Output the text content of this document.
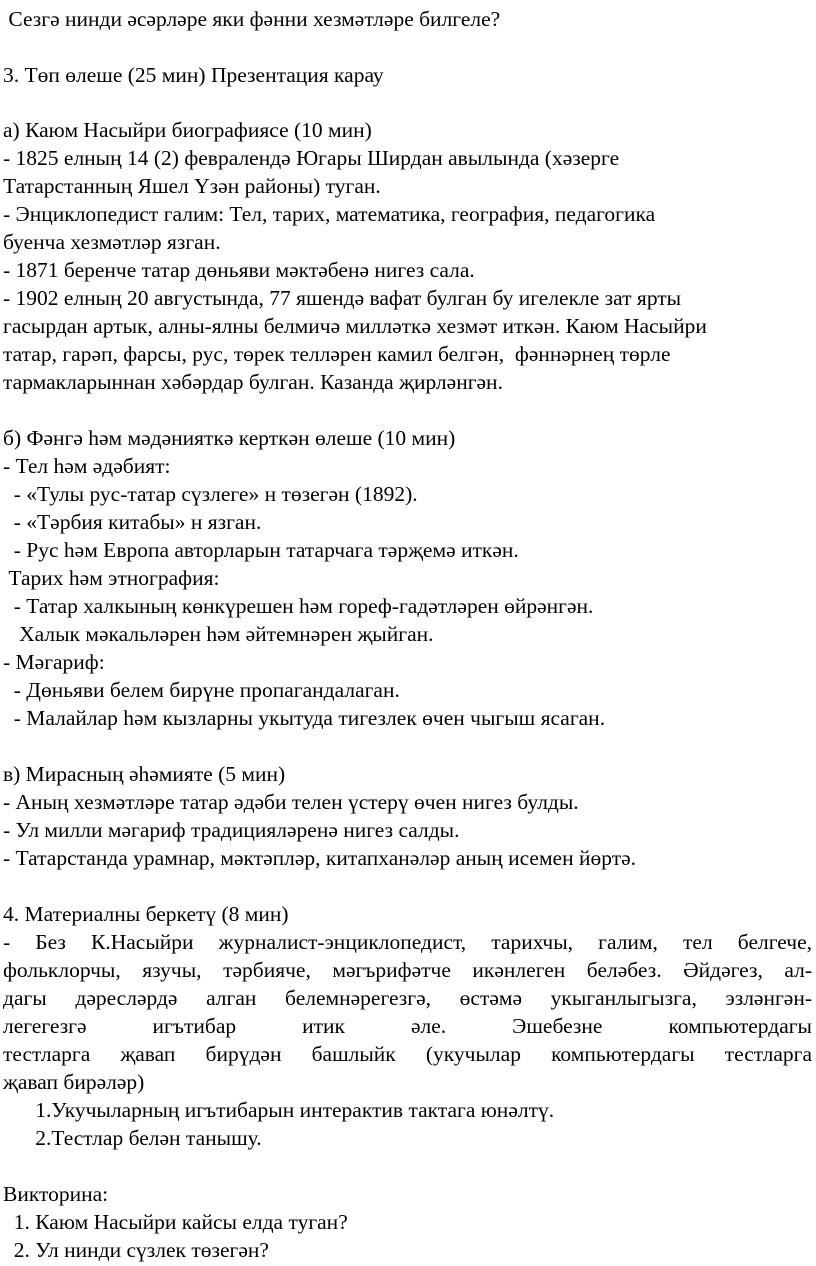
Сезгә нинди әсәрләре яки фәнни хезмәтләре билгеле?
3. Төп өлеше (25 мин) Презентация карау
а) Каюм Насыйри биографиясе (10 мин)
- 1825 елның 14 (2) февралендә Югары Ширдан авылында (хәзерге
Татарстанның Яшел Үзән районы) туган.
- Энциклопедист галим: Тел, тарих, математика, география, педагогика
буенча хезмәтләр язган.
- 1871 беренче татар дөньяви мәктәбенә нигез сала.
- 1902 елның 20 августында, 77 яшендә вафат булган бу игелекле зат ярты
гасырдан артык, алны-ялны белмичә милләткә хезмәт иткән. Каюм Насыйри
татар, гарәп, фарсы, рус, төрек телләрен камил белгән,  фәннәрнең төрле
тармакларыннан хәбәрдар булган. Казанда җирләнгән.
б) Фәнгә һәм мәдәнияткә керткән өлеше (10 мин)
- Тел һәм әдәбият:
- «Тулы рус-татар сүзлеге» н төзегән (1892).
- «Тәрбия китабы» н язган.
- Рус һәм Европа авторларын татарчага тәрҗемә иткән.
Тарих һәм этнография:
- Татар халкының көнкүрешен һәм гореф-гадәтләрен өйрәнгән.
Халык мәкальләрен һәм әйтемнәрен җыйган.
- Мәгариф:
- Дөньяви белем бирүне пропагандалаган.
- Малайлар һәм кызларны укытуда тигезлек өчен чыгыш ясаган.
в) Мирасның әһәмияте (5 мин)
- Аның хезмәтләре татар әдәби телен үстерү өчен нигез булды.
- Ул милли мәгариф традицияләренә нигез салды.
- Татарстанда урамнар, мәктәпләр, китапханәләр аның исемен йөртә.
4. Материалны беркетү (8 мин)
- Без К.Насыйри журналист-энциклопедист, тарихчы, галим, тел белгече,
фольклорчы, язучы, тәрбияче, мәгърифәтче икәнлеген беләбез. Әйдәгез, ал-
дагы дәресләрдә алган белемнәрегезгә, өстәмә укыганлыгызга, эзләнгән-
легегезгә игътибар итик әле. Эшебезне компьютердагы
тестларга җавап бирүдән башлыйк (укучылар компьютердагы тестларга
җавап бирәләр)
1.Укучыларның игътибарын интерактив тактага юнәлтү.
2.Тестлар белән танышу.
Викторина:
1. Каюм Насыйри кайсы елда туган?
2. Ул нинди сүзлек төзегән?
